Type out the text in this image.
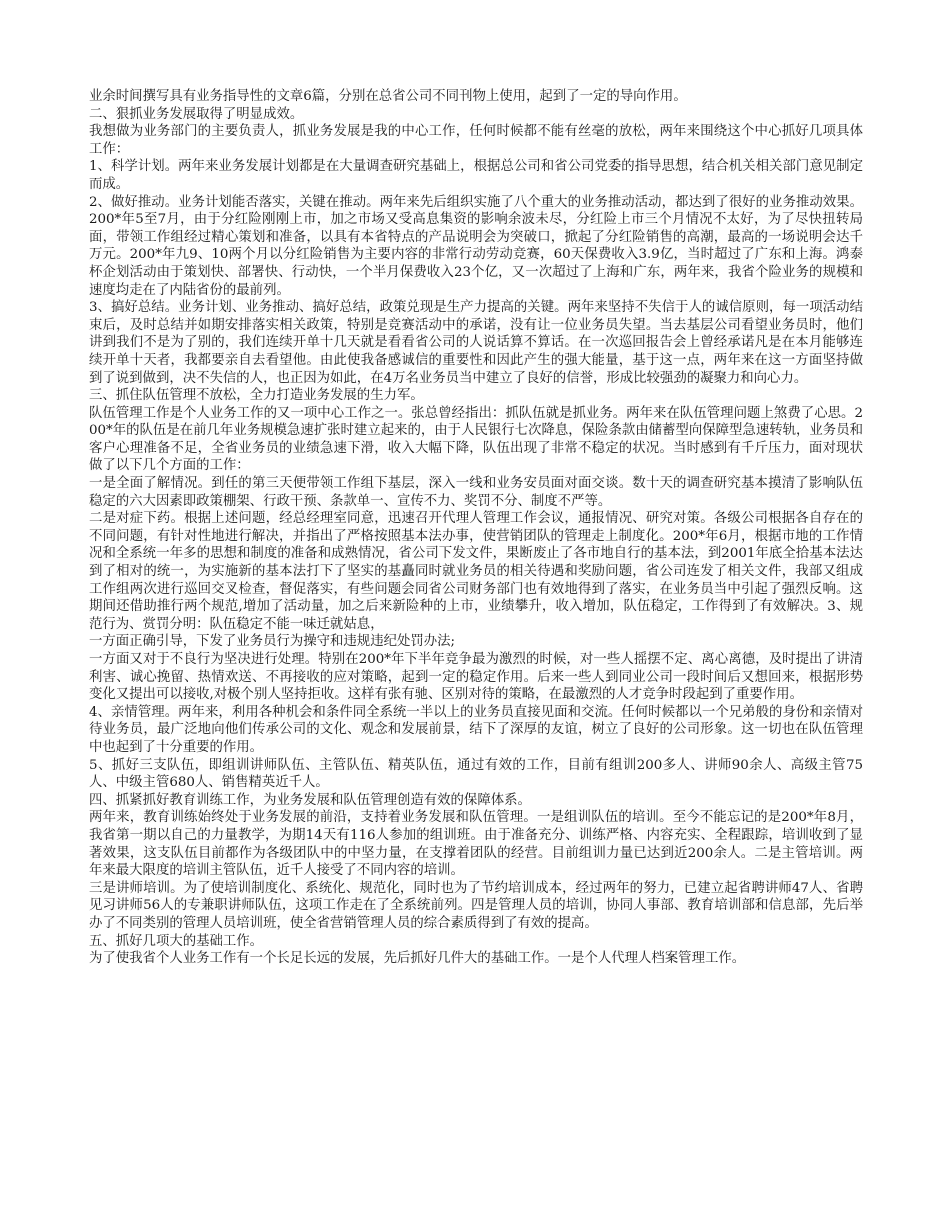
业余时间撰写具有业务指导性的文章6篇，分别在总省公司不同刊物上使用，起到了一定的导向作用。

二、狠抓业务发展取得了明显成效。

我想做为业务部门的主要负责人，抓业务发展是我的中心工作，任何时候都不能有丝毫的放松，两年来围绕这个中心抓好几项具体工作：

1、科学计划。两年来业务发展计划都是在大量调查研究基础上，根据总公司和省公司党委的指导思想，结合机关相关部门意见制定而成。

2、做好推动。业务计划能否落实，关键在推动。两年来先后组织实施了八个重大的业务推动活动，都达到了很好的业务推动效果。200*年5至7月，由于分红险刚刚上市，加之市场又受高息集资的影响余波未尽，分红险上市三个月情况不太好，为了尽快扭转局面，带领工作组经过精心策划和准备，以具有本省特点的产品说明会为突破口，掀起了分红险销售的高潮，最高的一场说明会达千万元。200*年九9、10两个月以分红险销售为主要内容的非常行动劳动竞赛，60天保费收入3.9亿，当时超过了广东和上海。鸿泰杯企划活动由于策划快、部署快、行动快，一个半月保费收入23个亿，又一次超过了上海和广东，两年来，我省个险业务的规模和速度均走在了内陆省份的最前列。

3、搞好总结。业务计划、业务推动、搞好总结，政策兑现是生产力提高的关键。两年来坚持不失信于人的诚信原则，每一项活动结束后，及时总结并如期安排落实相关政策，特别是竞赛活动中的承诺，没有让一位业务员失望。当去基层公司看望业务员时，他们讲到我们不是为了别的，我们连续开单十几天就是看看省公司的人说话算不算话。在一次巡回报告会上曾经承诺凡是在本月能够连续开单十天者，我都要亲自去看望他。由此使我备感诚信的重要性和因此产生的强大能量，基于这一点，两年来在这一方面坚持做到了说到做到，决不失信的人，也正因为如此，在4万名业务员当中建立了良好的信誉，形成比较强劲的凝聚力和向心力。

三、抓住队伍管理不放松，全力打造业务发展的生力军。

队伍管理工作是个人业务工作的又一项中心工作之一。张总曾经指出：抓队伍就是抓业务。两年来在队伍管理问题上煞费了心思。200*年的队伍是在前几年业务规模急速扩张时建立起来的，由于人民银行七次降息，保险条款由储蓄型向保障型急速转轨，业务员和客户心理准备不足，全省业务员的业绩急速下滑，收入大幅下降，队伍出现了非常不稳定的状况。当时感到有千斤压力，面对现状做了以下几个方面的工作：

一是全面了解情况。到任的第三天便带领工作组下基层，深入一线和业务安员面对面交谈。数十天的调查研究基本摸清了影响队伍稳定的六大因素即政策棚架、行政干预、条款单一、宣传不力、奖罚不分、制度不严等。

二是对症下药。根据上述问题，经总经理室同意，迅速召开代理人管理工作会议，通报情况、研究对策。各级公司根据各自存在的不同问题，有针对性地进行解决，并指出了严格按照基本法办事，使营销团队的管理走上制度化。200*年6月，根据市地的工作情况和全系统一年多的思想和制度的准备和成熟情况，省公司下发文件，果断废止了各市地自行的基本法，到2001年底全拾基本法达到了相对的统一，为实施新的基本法打下了坚实的基矗同时就业务员的相关待遇和奖励问题，省公司连发了相关文件，我部又组成工作组两次进行巡回交叉检查，督促落实，有些问题会同省公司财务部门也有效地得到了落实，在业务员当中引起了强烈反响。这期间还借助推行两个规范,增加了活动量，加之后来新险种的上市，业绩攀升，收入增加，队伍稳定，工作得到了有效解决。3、规范行为、赏罚分明：队伍稳定不能一味迁就姑息，

一方面正确引导，下发了业务员行为操守和违规违纪处罚办法;

一方面又对于不良行为坚决进行处理。特别在200*年下半年竞争最为激烈的时候，对一些人摇摆不定、离心离德，及时提出了讲清利害、诚心挽留、热情欢送、不再接收的应对策略，起到一定的稳定作用。后来一些人到同业公司一段时间后又想回来，根据形势变化又提出可以接收,对极个别人坚持拒收。这样有张有驰、区别对待的策略，在最激烈的人才竞争时段起到了重要作用。

4、亲情管理。两年来，利用各种机会和条件同全系统一半以上的业务员直接见面和交流。任何时候都以一个兄弟般的身份和亲情对待业务员，最广泛地向他们传承公司的文化、观念和发展前景，结下了深厚的友谊，树立了良好的公司形象。这一切也在队伍管理中也起到了十分重要的作用。

5、抓好三支队伍，即组训讲师队伍、主管队伍、精英队伍，通过有效的工作，目前有组训200多人、讲师90余人、高级主管75人、中级主管680人、销售精英近千人。

四、抓紧抓好教育训练工作，为业务发展和队伍管理创造有效的保障体系。

两年来，教育训练始终处于业务发展的前沿，支持着业务发展和队伍管理。一是组训队伍的培训。至今不能忘记的是200*年8月，我省第一期以自己的力量教学，为期14天有116人参加的组训班。由于准备充分、训练严格、内容充实、全程跟踪，培训收到了显著效果，这支队伍目前都作为各级团队中的中坚力量，在支撑着团队的经营。目前组训力量已达到近200余人。二是主管培训。两年来最大限度的培训主管队伍，近千人接受了不同内容的培训。

三是讲师培训。为了使培训制度化、系统化、规范化，同时也为了节约培训成本，经过两年的努力，已建立起省聘讲师47人、省聘见习讲师56人的专兼职讲师队伍，这项工作走在了全系统前列。四是管理人员的培训，协同人事部、教育培训部和信息部，先后举办了不同类别的管理人员培训班，使全省营销管理人员的综合素质得到了有效的提高。

五、抓好几项大的基础工作。

为了使我省个人业务工作有一个长足长远的发展，先后抓好几件大的基础工作。一是个人代理人档案管理工作。
